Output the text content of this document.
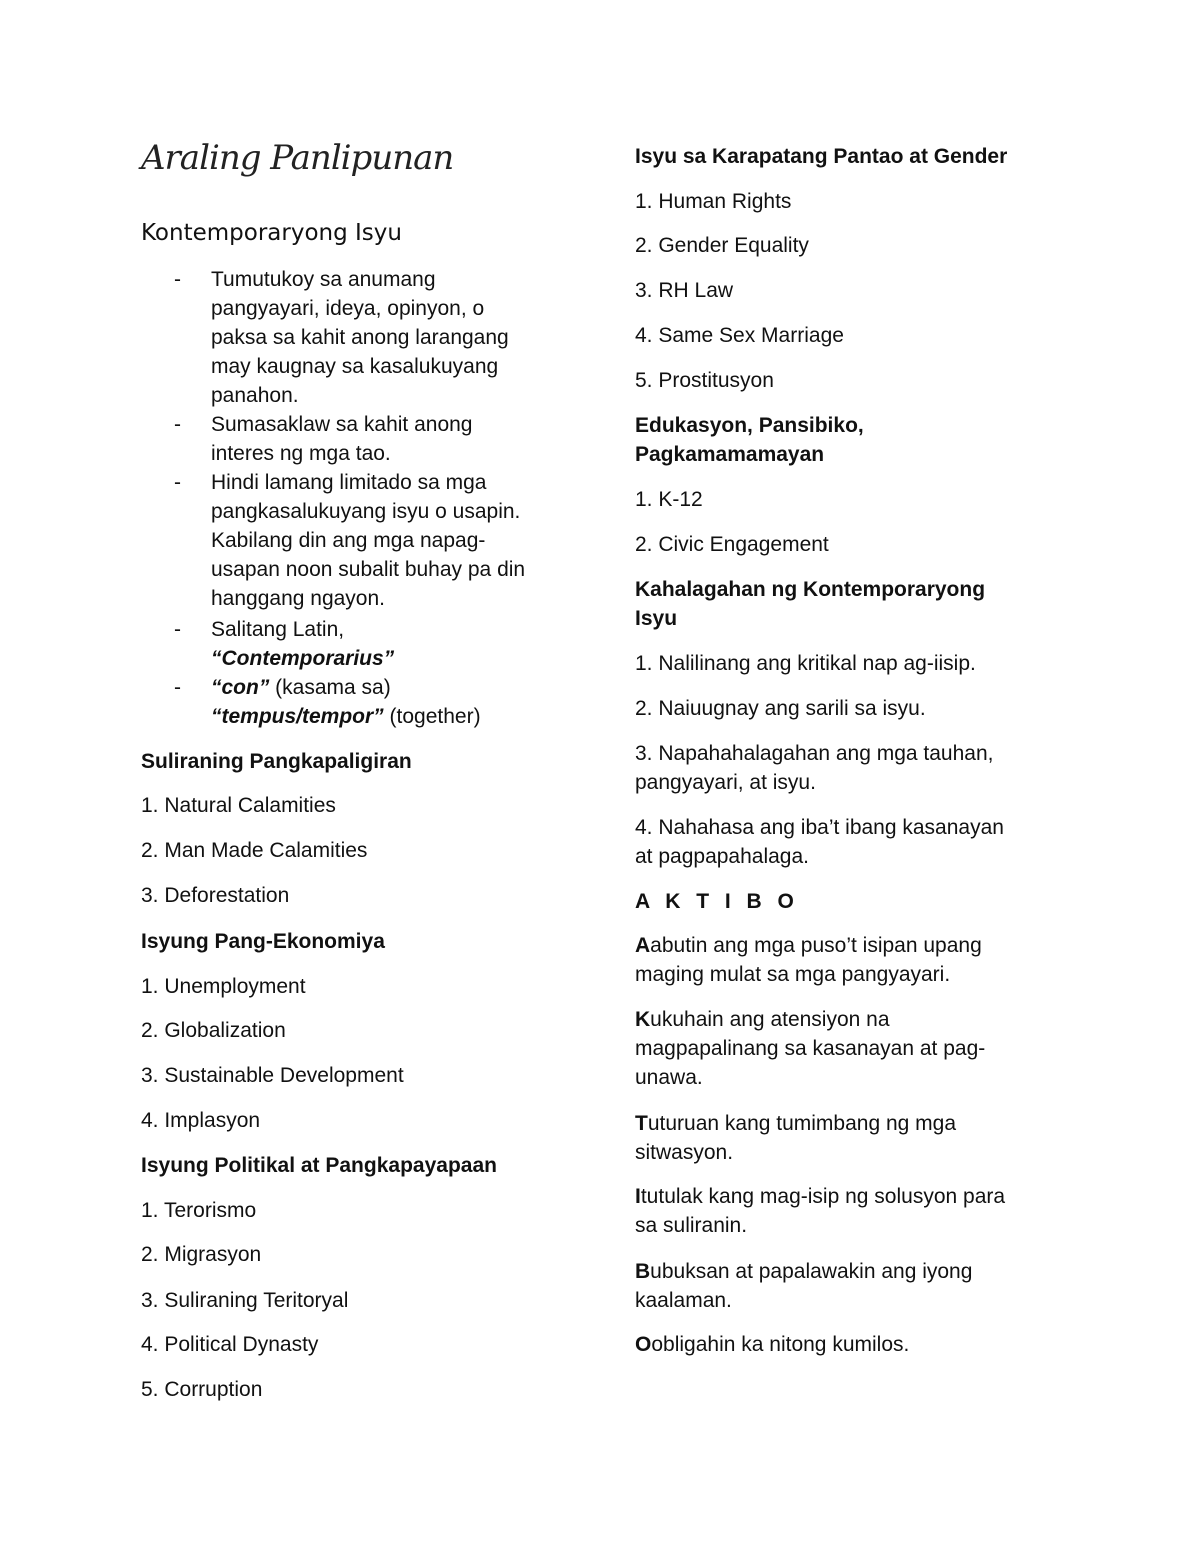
Araling Panlipunan
Kontemporaryong Isyu
- Tumutukoy sa anumang
pangyayari, ideya, opinyon, o
paksa sa kahit anong larangang
may kaugnay sa kasalukuyang
panahon.
- Sumasaklaw sa kahit anong
interes ng mga tao.
- Hindi lamang limitado sa mga
pangkasalukuyang isyu o usapin.
Kabilang din ang mga napag-
usapan noon subalit buhay pa din
hanggang ngayon.
- Salitang Latin,
“Contemporarius”
- “con” (kasama sa)
“tempus/tempor” (together)
Suliraning Pangkapaligiran
1. Natural Calamities
2. Man Made Calamities
3. Deforestation
Isyung Pang-Ekonomiya
1. Unemployment
2. Globalization
3. Sustainable Development
4. Implasyon
Isyung Politikal at Pangkapayapaan
1. Terorismo
2. Migrasyon
3. Suliraning Teritoryal
4. Political Dynasty
5. Corruption
Isyu sa Karapatang Pantao at Gender
1. Human Rights
2. Gender Equality
3. RH Law
4. Same Sex Marriage
5. Prostitusyon
Edukasyon, Pansibiko,
Pagkamamamayan
1. K-12
2. Civic Engagement
Kahalagahan ng Kontemporaryong
Isyu
1. Nalilinang ang kritikal nap ag-iisip.
2. Naiuugnay ang sarili sa isyu.
3. Napahahalagahan ang mga tauhan,
pangyayari, at isyu.
4. Nahahasa ang iba’t ibang kasanayan
at pagpapahalaga.
A K T I B O
Aabutin ang mga puso’t isipan upang
maging mulat sa mga pangyayari.
Kukuhain ang atensiyon na
magpapalinang sa kasanayan at pag-
unawa.
Tuturuan kang tumimbang ng mga
sitwasyon.
Itutulak kang mag-isip ng solusyon para
sa suliranin.
Bubuksan at papalawakin ang iyong
kaalaman.
Oobligahin ka nitong kumilos.
